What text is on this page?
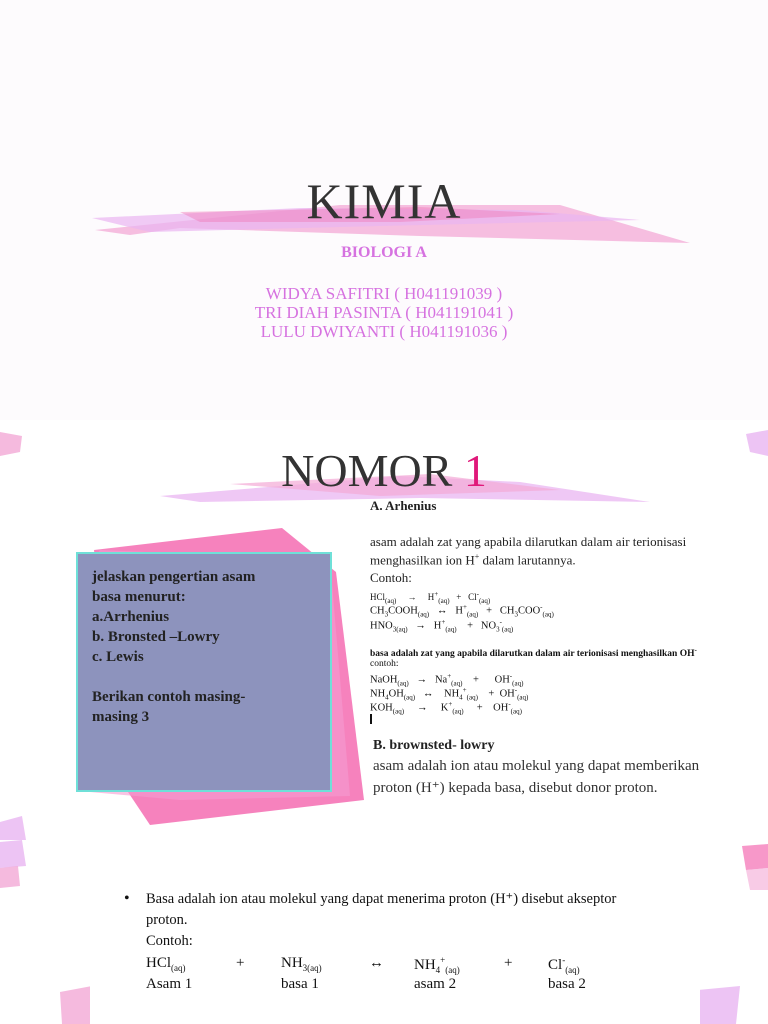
KIMIA
BIOLOGI A
WIDYA SAFITRI ( H041191039 )
TRI DIAH PASINTA ( H041191041 )
LULU DWIYANTI ( H041191036 )
NOMOR 1
jelaskan pengertian asam
basa menurut:
a.Arrhenius
b. Bronsted –Lowry
c. Lewis
Berikan contoh masing-
masing 3
A. Arhenius
asam adalah zat yang apabila dilarutkan dalam air terionisasi
menghasilkan ion H+ dalam larutannya.
Contoh:
HCl$_{(aq)}$     →     $H^+_{(aq)} + Cl^-_{(aq)}$
$CH_3COOH_{(aq)}$   ↔   $H^+_{(aq)} + CH_3COO^-_{(aq)}$
$HNO_{3(aq)} \to H^+_{(aq)}$    +   $NO_3^-_{(aq)}$
basa adalah zat yang apabila dilarutkan dalam air terionisasi menghasilkan OH-
contoh:
NaOH$_{(aq)}$   →   $Na^+_{(aq)}$    +      $OH^-_{(aq)}$
$NH_4OH_{(aq)}$   ↔    $NH_4^+_{(aq)}$    +  $OH^-_{(aq)}$
$KOH_{(aq)}$     →     $K^+_{(aq)}$     +    $OH^-_{(aq)}$
B. brownsted- lowry
asam adalah ion atau molekul yang dapat memberikan
proton (H⁺) kepada basa, disebut donor proton.
• Basa adalah ion atau molekul yang dapat menerima proton (H⁺) disebut akseptor
proton.
Contoh:
HCl$_{(aq)}$	+ $NH_{3(aq)}$	↔ $NH_4^+_{(aq)}$	+ $Cl^-_{(aq)}$
Asam 1	basa 1	asam 2	basa 2
